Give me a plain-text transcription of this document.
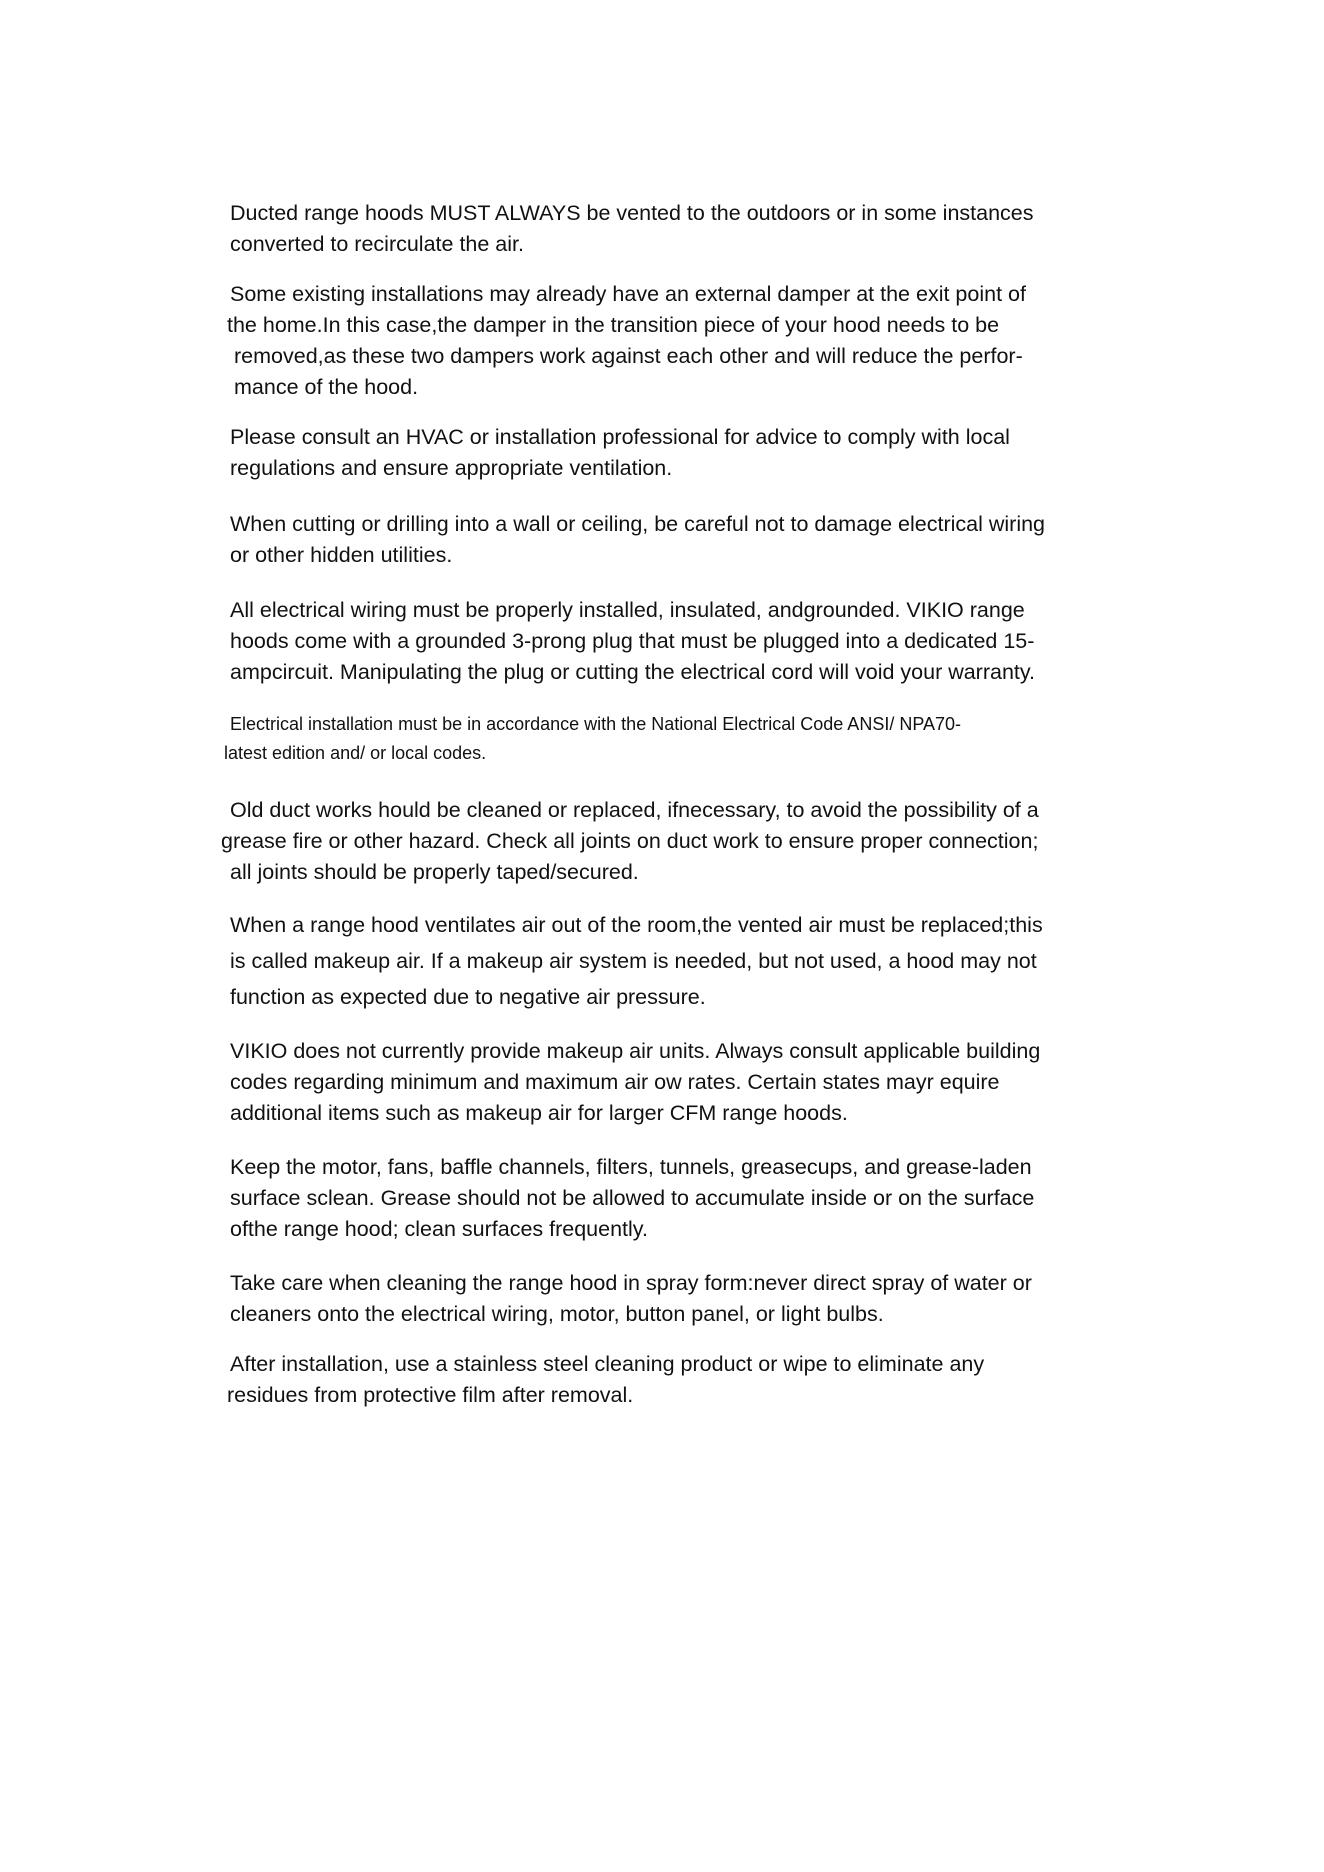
Ducted range hoods MUST ALWAYS be vented to the outdoors or in some instances
converted to recirculate the air.

Some existing installations may already have an external damper at the exit point of
the home.In this case,the damper in the transition piece of your hood needs to be
removed,as these two dampers work against each other and will reduce the perfor-
mance of the hood.

Please consult an HVAC or installation professional for advice to comply with local
regulations and ensure appropriate ventilation.

When cutting or drilling into a wall or ceiling, be careful not to damage electrical wiring
or other hidden utilities.

All electrical wiring must be properly installed, insulated, andgrounded. VIKIO range
hoods come with a grounded 3-prong plug that must be plugged into a dedicated 15-
ampcircuit. Manipulating the plug or cutting the electrical cord will void your warranty.

Electrical installation must be in accordance with the National Electrical Code ANSI/ NPA70-
latest edition and/ or local codes.

Old duct works hould be cleaned or replaced, ifnecessary, to avoid the possibility of a
grease fire or other hazard. Check all joints on duct work to ensure proper connection;
all joints should be properly taped/secured.

When a range hood ventilates air out of the room,the vented air must be replaced;this
is called makeup air. If a makeup air system is needed, but not used, a hood may not
function as expected due to negative air pressure.

VIKIO does not currently provide makeup air units. Always consult applicable building
codes regarding minimum and maximum air ow rates. Certain states mayr equire
additional items such as makeup air for larger CFM range hoods.

Keep the motor, fans, baffle channels, filters, tunnels, greasecups, and grease-laden
surface sclean. Grease should not be allowed to accumulate inside or on the surface
ofthe range hood; clean surfaces frequently.

Take care when cleaning the range hood in spray form:never direct spray of water or
cleaners onto the electrical wiring, motor, button panel, or light bulbs.

After installation, use a stainless steel cleaning product or wipe to eliminate any
residues from protective film after removal.
